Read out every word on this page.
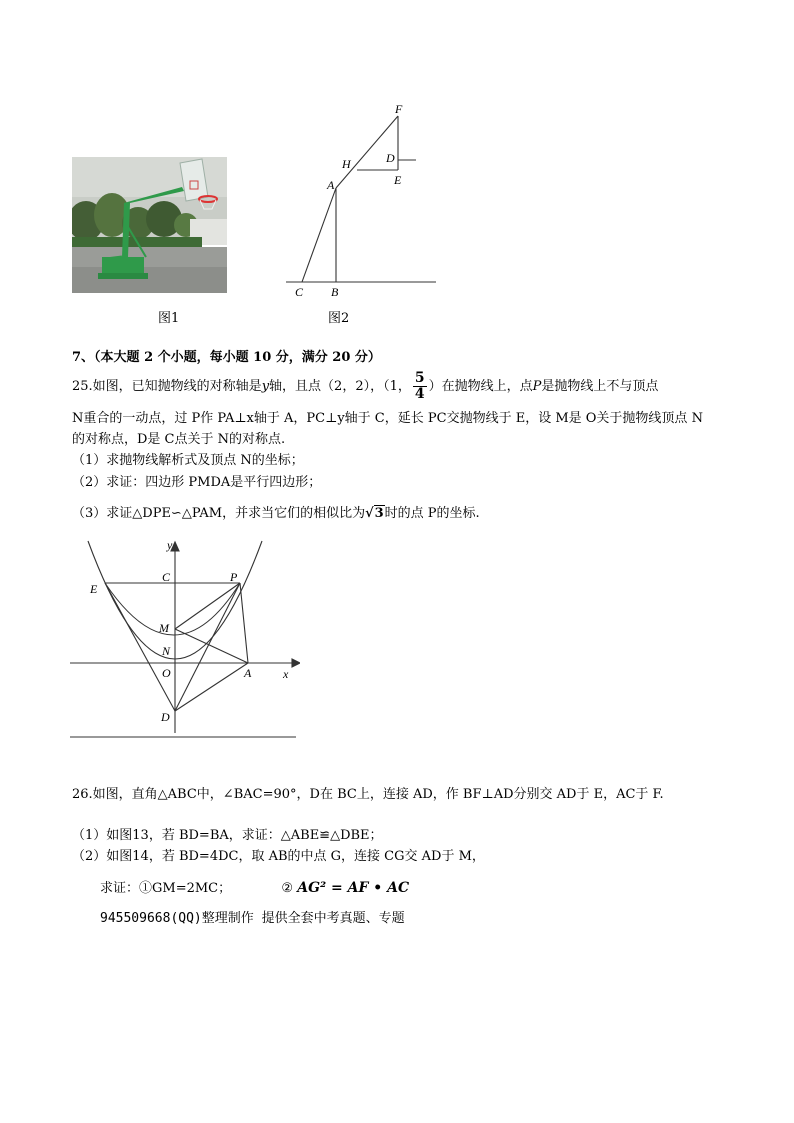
图1
F
D
H
E
A
C B
图2
7、（本大题 2 个小题，每小题 10 分，满分 20 分）
25.如图，已知抛物线的对称轴是y轴，且点（2，2），（1， $\frac{5}{4}$ ）在抛物线上，点P是抛物线上不与顶点
N重合的一动点，过 P作 PA⊥x轴于 A，PC⊥y轴于 C，延长 PC交抛物线于 E，设 M是 O关于抛物线顶点 N
的对称点，D是 C点关于 N的对称点.
（1）求抛物线解析式及顶点 N的坐标；
（2）求证：四边形 PMDA是平行四边形；
（3）求证△DPE∽△PAM，并求当它们的相似比为√3时的点 P的坐标.
y
C	P
E
M
N
O	A	x
D
26.如图，直角△ABC中，∠BAC=90°，D在 BC上，连接 AD，作 BF⊥AD分别交 AD于 E，AC于 F.
（1）如图13，若 BD=BA，求证：△ABE≌△DBE；
（2）如图14，若 BD=4DC，取 AB的中点 G，连接 CG交 AD于 M，
求证：①GM=2MC；	② AG² = AF • AC
945509668(QQ)整理制作 提供全套中考真题、专题
